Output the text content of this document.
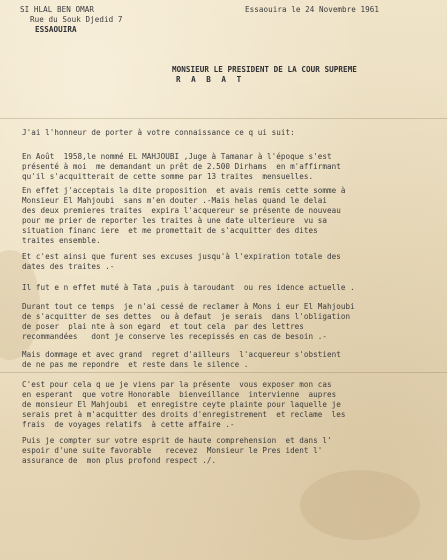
SI HLAL BEN OMAR
Rue du Souk Djedid 7
ESSAOUIRA
Essaouira le 24 Novembre 1961
MONSIEUR LE PRESIDENT DE LA COUR SUPREME
R A B A T
J'ai l'honneur de porter à votre connaissance ce q ui suit:
En Août  1958,le nommé EL MAHJOUBI ,Juge à Tamanar à l'époque s'est
présenté à moi  me demandant un prêt de 2.500 Dirhams  en m'affirmant
qu'il s'acquitterait de cette somme par 13 traites  mensuelles.
En effet j'acceptais la dite proposition  et avais remis cette somme à
Monsieur El Mahjoubi  sans m'en douter .-Mais helas quand le delai
des deux premieres traites  expira l'acquereur se présente de nouveau
pour me prier de reporter les traites à une date ulterieure  vu sa
situation financ iere  et me promettait de s'acquitter des dites
traites ensemble.
Et c'est ainsi que furent ses excuses jusqu'à l'expiration totale des
dates des traites .-
Il fut e n effet muté à Tata ,puis à taroudant  ou res idence actuelle .
Durant tout ce temps  je n'ai cessé de reclamer à Mons i eur El Mahjoubi
de s'acquitter de ses dettes  ou à defaut  je serais  dans l'obligation
de poser  plai nte à son egard  et tout cela  par des lettres
recommandées   dont je conserve les recepissés en cas de besoin .-
Mais dommage et avec grand  regret d'ailleurs  l'acquereur s'obstient
de ne pas me repondre  et reste dans le silence .
C'est pour cela q ue je viens par la présente  vous exposer mon cas
en esperant  que votre Honorable  bienveillance  intervienne  aupres
de monsieur El Mahjoubi  et enregistre ceyte plainte pour laquelle je
serais pret à m'acquitter des droits d'enregistrement  et reclame  les
frais  de voyages relatifs  à cette affaire .-
Puis je compter sur votre esprit de haute comprehension  et dans l'
espoir d'une suite favorable   recevez  Monsieur le Pres ident l'
assurance de  mon plus profond respect ./.
